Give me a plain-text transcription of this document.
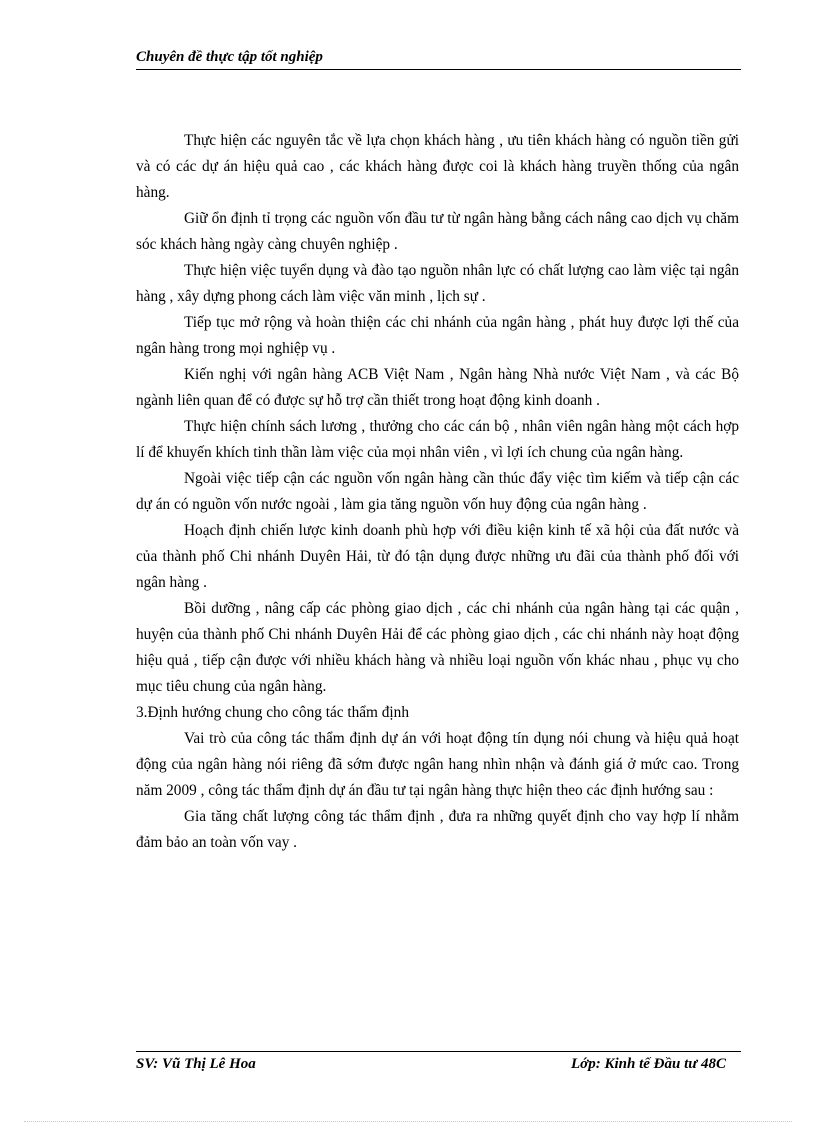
Chuyên đề thực tập tốt nghiệp

Thực hiện các nguyên tắc về lựa chọn khách hàng , ưu tiên khách hàng có nguồn tiền gửi và có các dự án hiệu quả cao , các khách hàng được coi là khách hàng truyền thống của ngân hàng.

Giữ ổn định tỉ trọng các nguồn vốn đầu tư từ ngân hàng bằng cách nâng cao dịch vụ chăm sóc khách hàng ngày càng chuyên nghiệp .

Thực hiện việc tuyển dụng và đào tạo nguồn nhân lực có chất lượng cao làm việc tại ngân hàng , xây dựng phong cách làm việc văn minh , lịch sự .

Tiếp tục mở rộng và hoàn thiện các chi nhánh của ngân hàng , phát huy được lợi thế của ngân hàng trong mọi nghiệp vụ .

Kiến nghị với ngân hàng ACB Việt Nam , Ngân hàng Nhà nước Việt Nam , và các Bộ ngành liên quan để có được sự hỗ trợ cần thiết trong hoạt động kinh doanh .

Thực hiện chính sách lương , thưởng cho các cán bộ , nhân viên ngân hàng một cách hợp lí để khuyến khích tinh thần làm việc của mọi nhân viên , vì lợi ích chung của ngân hàng.

Ngoài việc tiếp cận các nguồn vốn ngân hàng cần thúc đẩy việc tìm kiếm và tiếp cận các dự án có nguồn vốn nước ngoài , làm gia tăng nguồn vốn huy động của ngân hàng .

Hoạch định chiến lược kinh doanh phù hợp với điều kiện kinh tế xã hội của đất nước và của thành phố Chi nhánh Duyên Hải, từ đó tận dụng được những ưu đãi của thành phố đối với ngân hàng .

Bồi dưỡng , nâng cấp các phòng giao dịch , các chi nhánh của ngân hàng tại các quận , huyện của thành phố Chi nhánh Duyên Hải để các phòng giao dịch , các chi nhánh này hoạt động hiệu quả , tiếp cận được với nhiều khách hàng và nhiều loại nguồn vốn khác nhau , phục vụ cho mục tiêu chung của ngân hàng.

3.Định hướng chung cho công tác thẩm định

Vai trò của công tác thẩm định dự án với hoạt động tín dụng nói chung và hiệu quả hoạt động của ngân hàng nói riêng đã sớm được ngân hang nhìn nhận và đánh giá ở mức cao. Trong năm 2009 , công tác thẩm định dự án đầu tư tại ngân hàng thực hiện theo các định hướng sau :

Gia tăng chất lượng công tác thẩm định , đưa ra những quyết định cho vay hợp lí nhằm đảm bảo an toàn vốn vay .

SV: Vũ Thị Lê Hoa	Lớp: Kinh tế Đầu tư 48C
